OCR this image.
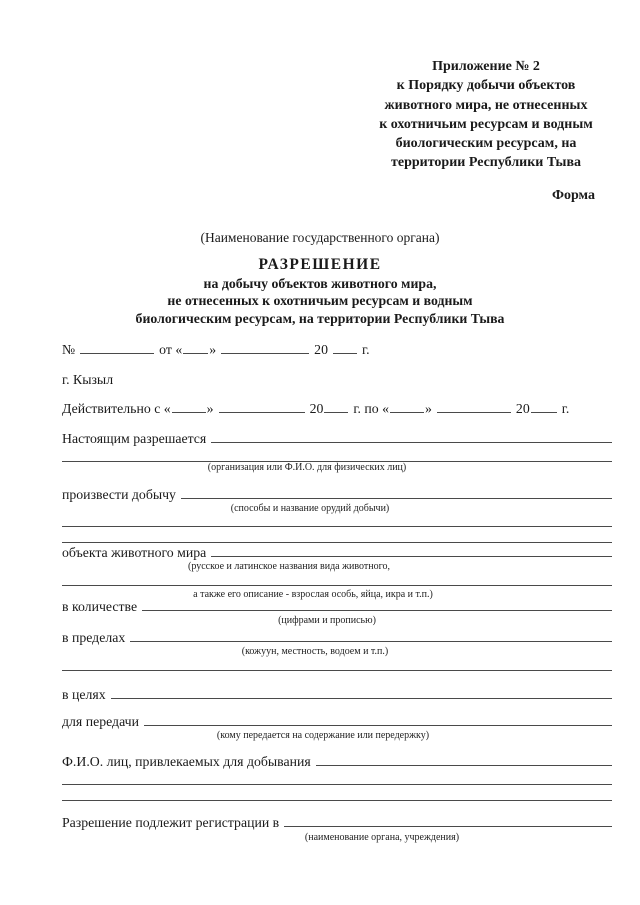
Приложение № 2
к Порядку добычи объектов
животного мира, не отнесенных
к охотничьим ресурсам и водным
биологическим ресурсам, на
территории Республики Тыва
Форма
(Наименование государственного органа)
РАЗРЕШЕНИЕ
на добычу объектов животного мира,
не отнесенных к охотничьим ресурсам и водным
биологическим ресурсам, на территории Республики Тыва
№	от « »	20 г.
г. Кызыл
Действительно с «	»	20 г. по «	»	20 г.
Настоящим разрешается
(организация или Ф.И.О. для физических лиц)
произвести добычу
(способы и название орудий добычи)
объекта животного мира
(русское и латинское названия вида животного,
а также его описание - взрослая особь, яйца, икра и т.п.)
в количестве
(цифрами и прописью)
в пределах
(кожуун, местность, водоем и т.п.)
в целях
для передачи
(кому передается на содержание или передержку)
Ф.И.О. лиц, привлекаемых для добывания
Разрешение подлежит регистрации в
(наименование органа, учреждения)
